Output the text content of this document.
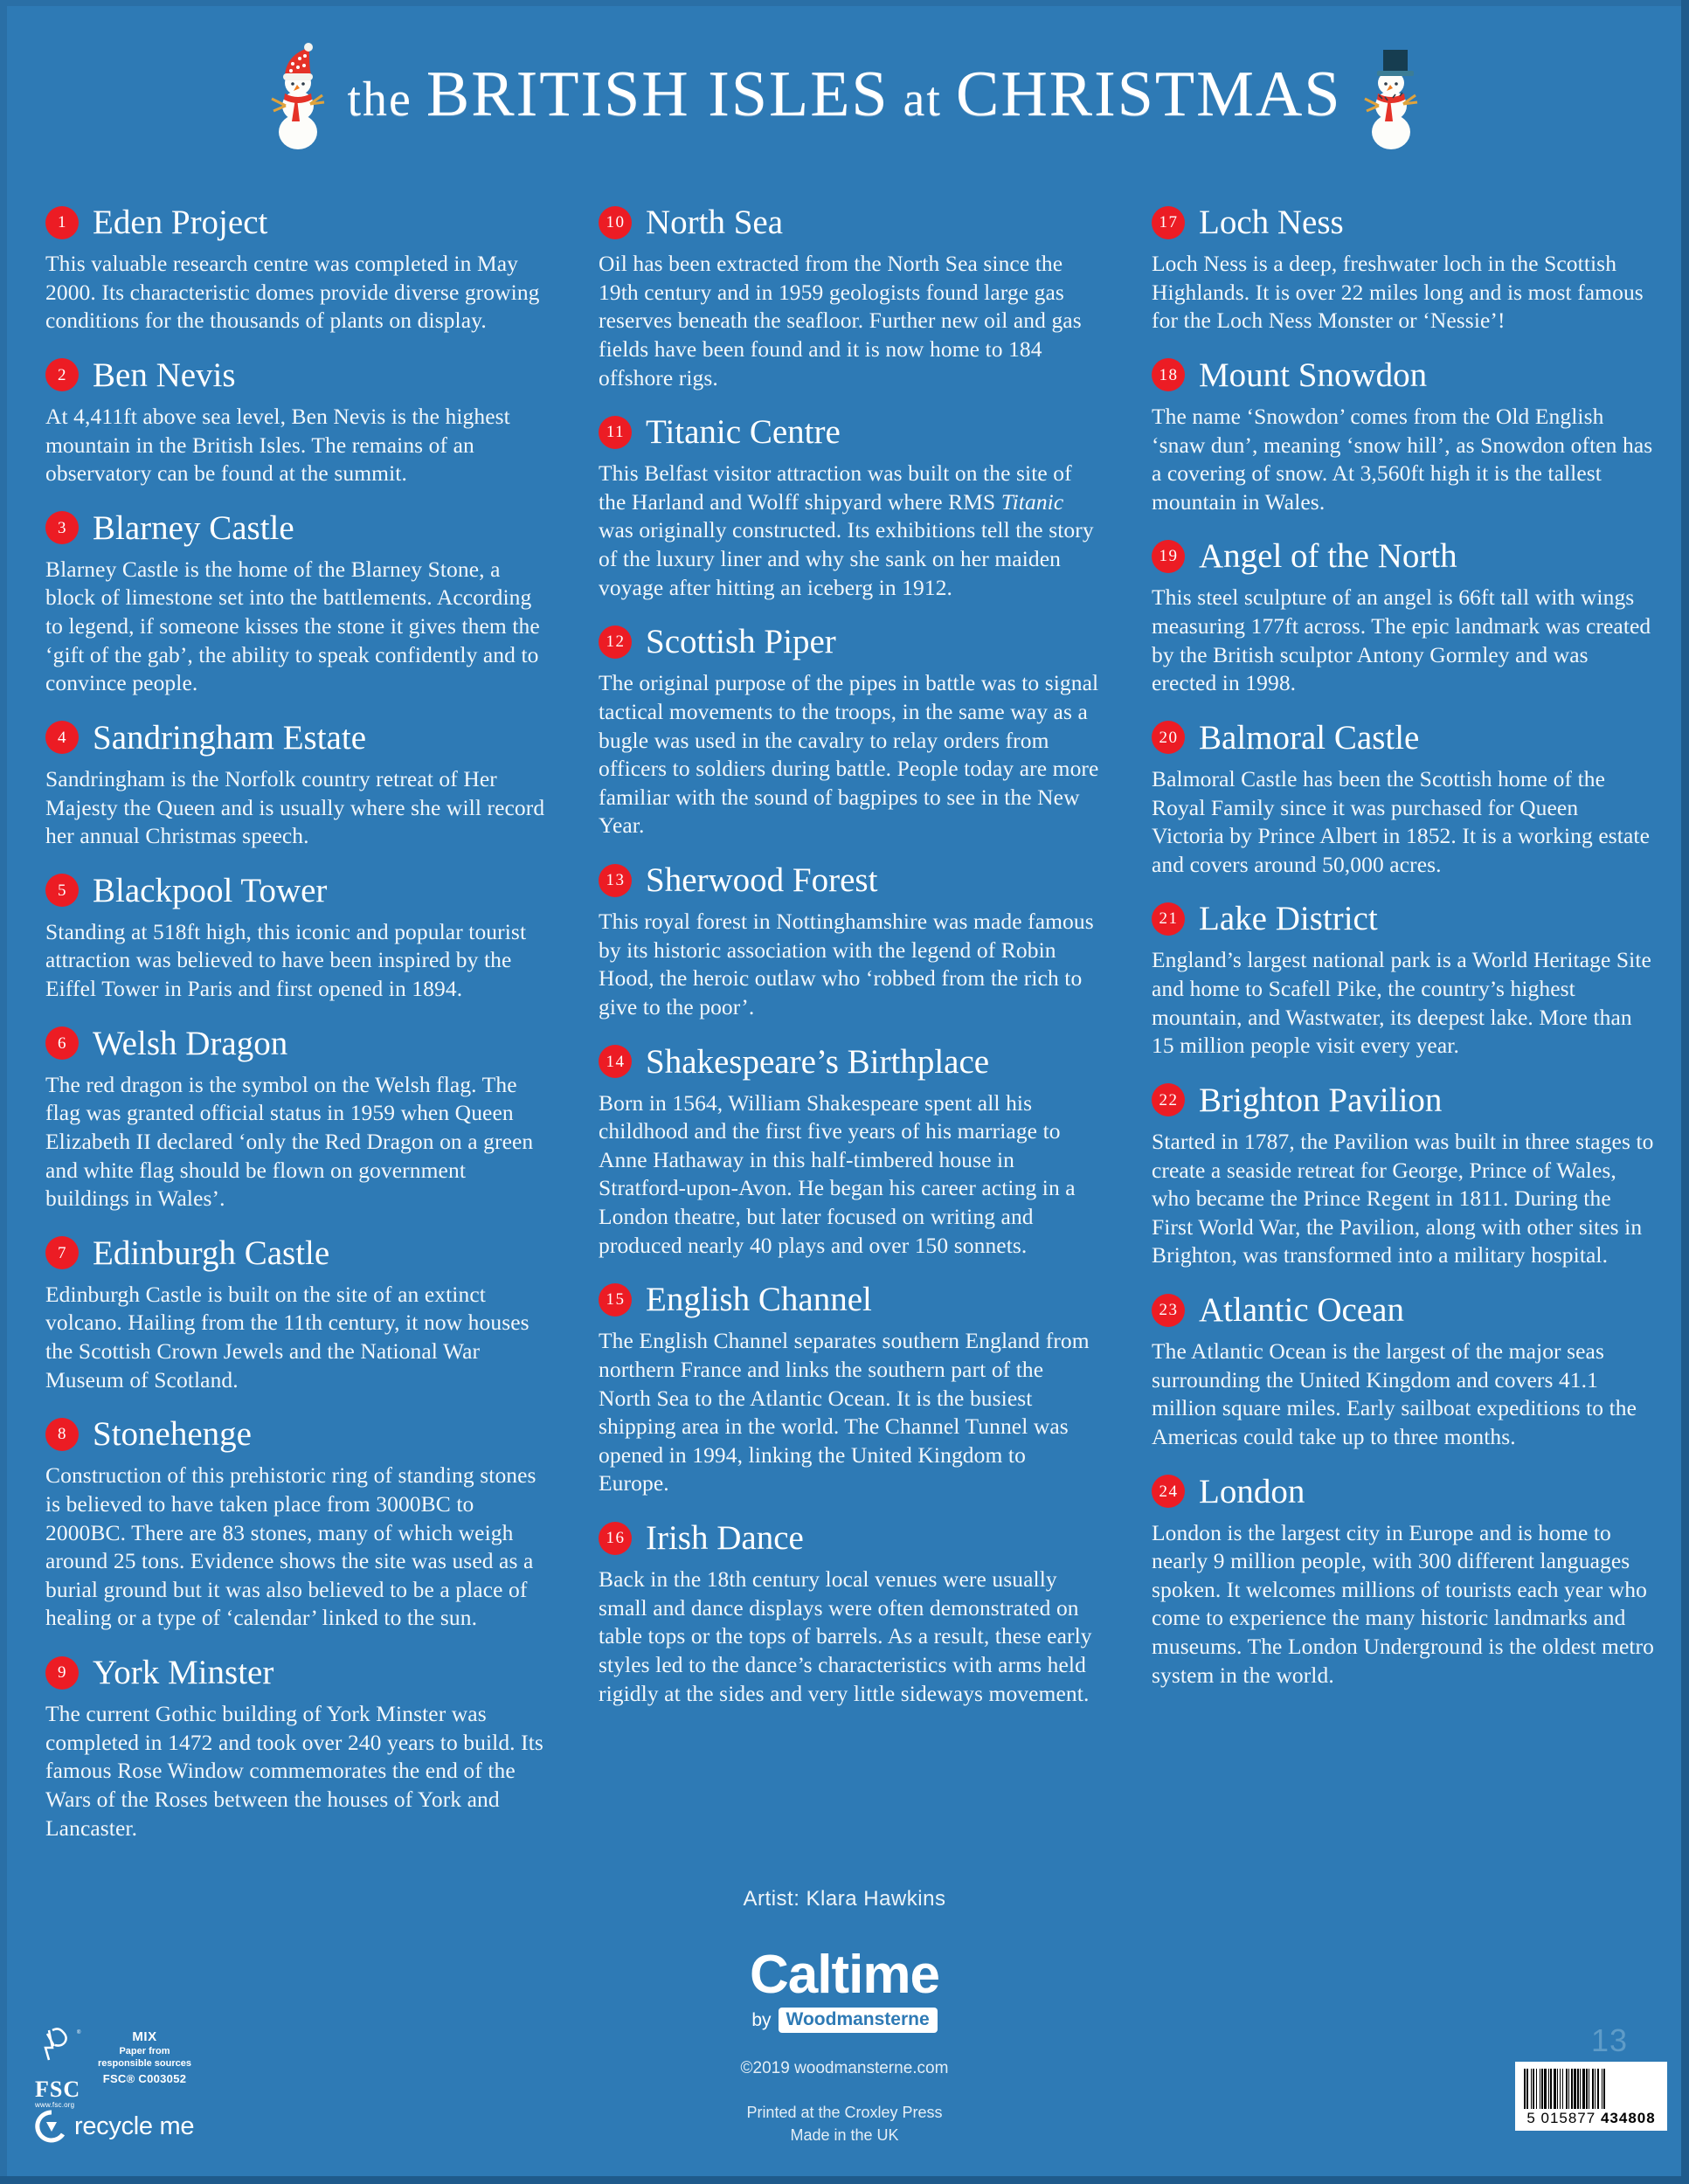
the BRITISH ISLES at CHRISTMAS
1 Eden Project
This valuable research centre was completed in May 2000. Its characteristic domes provide diverse growing conditions for the thousands of plants on display.
2 Ben Nevis
At 4,411ft above sea level, Ben Nevis is the highest mountain in the British Isles. The remains of an observatory can be found at the summit.
3 Blarney Castle
Blarney Castle is the home of the Blarney Stone, a block of limestone set into the battlements. According to legend, if someone kisses the stone it gives them the ‘gift of the gab’, the ability to speak confidently and to convince people.
4 Sandringham Estate
Sandringham is the Norfolk country retreat of Her Majesty the Queen and is usually where she will record her annual Christmas speech.
5 Blackpool Tower
Standing at 518ft high, this iconic and popular tourist attraction was believed to have been inspired by the Eiffel Tower in Paris and first opened in 1894.
6 Welsh Dragon
The red dragon is the symbol on the Welsh flag. The flag was granted official status in 1959 when Queen Elizabeth II declared ‘only the Red Dragon on a green and white flag should be flown on government buildings in Wales’.
7 Edinburgh Castle
Edinburgh Castle is built on the site of an extinct volcano. Hailing from the 11th century, it now houses the Scottish Crown Jewels and the National War Museum of Scotland.
8 Stonehenge
Construction of this prehistoric ring of standing stones is believed to have taken place from 3000BC to 2000BC. There are 83 stones, many of which weigh around 25 tons. Evidence shows the site was used as a burial ground but it was also believed to be a place of healing or a type of ‘calendar’ linked to the sun.
9 York Minster
The current Gothic building of York Minster was completed in 1472 and took over 240 years to build. Its famous Rose Window commemorates the end of the Wars of the Roses between the houses of York and Lancaster.
10 North Sea
Oil has been extracted from the North Sea since the 19th century and in 1959 geologists found large gas reserves beneath the seafloor. Further new oil and gas fields have been found and it is now home to 184 offshore rigs.
11 Titanic Centre
This Belfast visitor attraction was built on the site of the Harland and Wolff shipyard where RMS Titanic was originally constructed. Its exhibitions tell the story of the luxury liner and why she sank on her maiden voyage after hitting an iceberg in 1912.
12 Scottish Piper
The original purpose of the pipes in battle was to signal tactical movements to the troops, in the same way as a bugle was used in the cavalry to relay orders from officers to soldiers during battle. People today are more familiar with the sound of bagpipes to see in the New Year.
13 Sherwood Forest
This royal forest in Nottinghamshire was made famous by its historic association with the legend of Robin Hood, the heroic outlaw who ‘robbed from the rich to give to the poor’.
14 Shakespeare’s Birthplace
Born in 1564, William Shakespeare spent all his childhood and the first five years of his marriage to Anne Hathaway in this half-timbered house in Stratford-upon-Avon. He began his career acting in a London theatre, but later focused on writing and produced nearly 40 plays and over 150 sonnets.
15 English Channel
The English Channel separates southern England from northern France and links the southern part of the North Sea to the Atlantic Ocean. It is the busiest shipping area in the world. The Channel Tunnel was opened in 1994, linking the United Kingdom to Europe.
16 Irish Dance
Back in the 18th century local venues were usually small and dance displays were often demonstrated on table tops or the tops of barrels. As a result, these early styles led to the dance’s characteristics with arms held rigidly at the sides and very little sideways movement.
17 Loch Ness
Loch Ness is a deep, freshwater loch in the Scottish Highlands. It is over 22 miles long and is most famous for the Loch Ness Monster or ‘Nessie’!
18 Mount Snowdon
The name ‘Snowdon’ comes from the Old English ‘snaw dun’, meaning ‘snow hill’, as Snowdon often has a covering of snow. At 3,560ft high it is the tallest mountain in Wales.
19 Angel of the North
This steel sculpture of an angel is 66ft tall with wings measuring 177ft across. The epic landmark was created by the British sculptor Antony Gormley and was erected in 1998.
20 Balmoral Castle
Balmoral Castle has been the Scottish home of the Royal Family since it was purchased for Queen Victoria by Prince Albert in 1852. It is a working estate and covers around 50,000 acres.
21 Lake District
England’s largest national park is a World Heritage Site and home to Scafell Pike, the country’s highest mountain, and Wastwater, its deepest lake. More than 15 million people visit every year.
22 Brighton Pavilion
Started in 1787, the Pavilion was built in three stages to create a seaside retreat for George, Prince of Wales, who became the Prince Regent in 1811. During the First World War, the Pavilion, along with other sites in Brighton, was transformed into a military hospital.
23 Atlantic Ocean
The Atlantic Ocean is the largest of the major seas surrounding the United Kingdom and covers 41.1 million square miles. Early sailboat expeditions to the Americas could take up to three months.
24 London
London is the largest city in Europe and is home to nearly 9 million people, with 300 different languages spoken. It welcomes millions of tourists each year who come to experience the many historic landmarks and museums. The London Underground is the oldest metro system in the world.
Artist: Klara Hawkins
Caltime
by Woodmansterne
©2019 woodmansterne.com
Printed at the Croxley Press
Made in the UK
®
FSC
www.fsc.org
MIX
Paper from
responsible sources
FSC® C003052
recycle me
13
5 015877 434808
